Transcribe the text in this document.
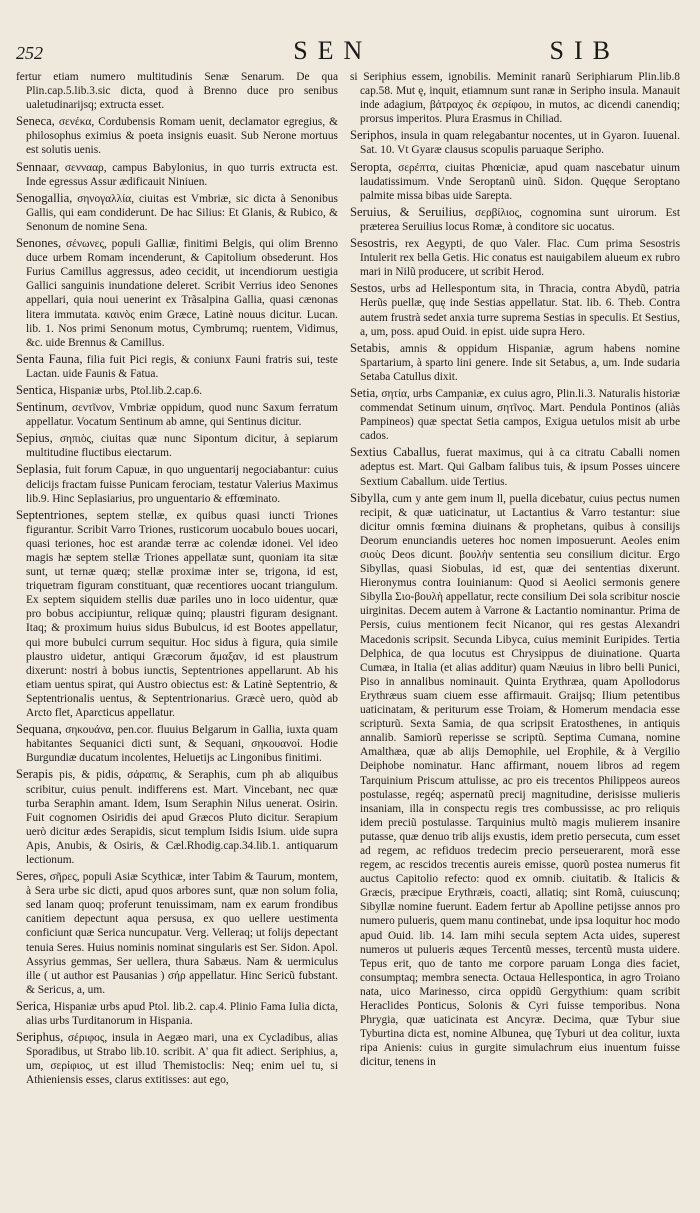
252	SEN	SIB

fertur etiam numero multitudinis Senæ Senarum. De qua Plin.cap.5.lib.3.sic dicta, quod à Brenno duce pro senibus ualetudinarijsq; extructa esset.

Seneca, σενέκα, Cordubensis Romam uenit, declamator egregius, & philosophus eximius & poeta insignis euasit. Sub Nerone mortuus est solutis uenis.

Sennaar, σεννααρ, campus Babylonius, in quo turris extructa est. Inde egressus Assur ædificauit Niniuen.

Senogallia, σηνογαλλία, ciuitas est Vmbriæ, sic dicta à Senonibus Gallis, qui eam condiderunt. De hac Silius: Et Glanis, & Rubico, & Senonum de nomine Sena.

Senones, σένωνες, populi Galliæ, finitimi Belgis, qui olim Brenno duce urbem Romam incenderunt, & Capitolium obsederunt. Hos Furius Camillus aggressus, adeo cecidit, ut incendiorum uestigia Gallici sanguinis inundatione deleret. Scribit Verrius ideo Senones appellari, quia noui uenerint ex Trãsalpina Gallia, quasi cænonas litera immutata. καινὸς enim Græce, Latinè nouus dicitur. Lucan. lib. 1. Nos primi Senonum motus, Cymbrumq; ruentem, Vidimus, &c. uide Brennus & Camillus.

Senta Fauna, filia fuit Pici regis, & coniunx Fauni fratris sui, teste Lactan. uide Faunis & Fatua.

Sentica, Hispaniæ urbs, Ptol.lib.2.cap.6.

Sentinum, σεντῖνον, Vmbriæ oppidum, quod nunc Saxum ferratum appellatur. Vocatum Sentinum ab amne, qui Sentinus dicitur.

Sepius, σηπιὸς, ciuitas quæ nunc Sipontum dicitur, à sepiarum multitudine fluctibus eiectarum.

Seplasia, fuit forum Capuæ, in quo unguentarij negociabantur: cuius delicijs fractam fuisse Punicam ferociam, testatur Valerius Maximus lib.9. Hinc Seplasiarius, pro unguentario & effœminato.

Septentriones, septem stellæ, ex quibus quasi iuncti Triones figurantur. Scribit Varro Triones, rusticorum uocabulo boues uocari, quasi teriones, hoc est arandæ terræ ac colendæ idonei. Vel ideo magis hæ septem stellæ Triones appellatæ sunt, quoniam ita sitæ sunt, ut ternæ quæq; stellæ proximæ inter se, trigona, id est, triquetram figuram constituant, quæ recentiores uocant triangulum. Ex septem siquidem stellis duæ pariles uno in loco uidentur, quæ pro bobus accipiuntur, reliquæ quinq; plaustri figuram designant. Itaq; & proximum huius sidus Bubulcus, id est Bootes appellatur, qui more bubulci currum sequitur. Hoc sidus à figura, quia simile plaustro uidetur, antiqui Græcorum ἄμαξαν, id est plaustrum dixerunt: nostri à bobus iunctis, Septentriones appellarunt. Ab his etiam uentus spirat, qui Austro obiectus est: & Latinè Septentrio, & Septentrionalis uentus, & Septentrionarius. Græcè uero, quòd ab Arcto flet, Aparcticus appellatur.

Sequana, σηκουάνα, pen.cor. fluuius Belgarum in Gallia, iuxta quam habitantes Sequanici dicti sunt, & Sequani, σηκουανοί. Hodie Burgundiæ ducatum incolentes, Heluetijs ac Lingonibus finitimi.

Serapis pis, & pidis, σάραπις, & Seraphis, cum ph ab aliquibus scribitur, cuius penult. indifferens est. Mart. Vincebant, nec quæ turba Seraphin amant. Idem, Isum Seraphin Nilus uenerat. Osirin. Fuit cognomen Osiridis dei apud Græcos Pluto dicitur. Serapium uerò dicitur ædes Serapidis, sicut templum Isidis Isium. uide supra Apis, Anubis, & Osiris, & Cæl.Rhodig.cap.34.lib.1. antiquarum lectionum.

Seres, σῆρες, populi Asiæ Scythicæ, inter Tabim & Taurum, montem, à Sera urbe sic dicti, apud quos arbores sunt, quæ non solum folia, sed lanam quoq; proferunt tenuissimam, nam ex earum frondibus canitiem depectunt aqua persusa, ex quo uellere uestimenta conficiunt quæ Serica nuncupatur. Verg. Velleraq; ut folijs depectant tenuia Seres. Huius nominis nominat singularis est Ser. Sidon. Apol. Assyrius gemmas, Ser uellera, thura Sabæus. Nam & uermiculus ille ( ut author est Pausanias ) σήρ appellatur. Hinc Sericũ fubstant. & Sericus, a, um.

Serica, Hispaniæ urbs apud Ptol. lib.2. cap.4. Plinio Fama Iulia dicta, alias urbs Turditanorum in Hispania.

Seriphus, σέριφος, insula in Aegæo mari, una ex Cycladibus, alias Sporadibus, ut Strabo lib.10. scribit. A' qua fit adiect. Seriphius, a, um, σερίφιος, ut est illud Themistoclis: Neq; enim uel tu, si Athieniensis esses, clarus extitisses: aut ego,

si Seriphius essem, ignobilis. Meminit ranarũ Seriphiarum Plin.lib.8 cap.58. Mut ę, inquit, etiamnum sunt ranæ in Seripho insula. Manauit inde adagium, βάτραχος ἐκ σερίφου, in mutos, ac dicendi canendiq; prorsus imperitos. Plura Erasmus in Chiliad.

Seriphos, insula in quam relegabantur nocentes, ut in Gyaron. Iuuenal. Sat. 10. Vt Gyaræ clausus scopulis paruaque Seripho.

Seropta, σερέπτα, ciuitas Phœniciæ, apud quam nascebatur uinum laudatissimum. Vnde Seroptanũ uinũ. Sidon. Quęque Seroptano palmite missa bibas uide Sarepta.

Seruius, & Seruilius, σερβίλιος, cognomina sunt uirorum. Est præterea Seruilius locus Romæ, à conditore sic uocatus.

Sesostris, rex Aegypti, de quo Valer. Flac. Cum prima Sesostris Intulerit rex bella Getis. Hic conatus est nauigabilem alueum ex rubro mari in Nilũ producere, ut scribit Herod.

Sestos, urbs ad Hellespontum sita, in Thracia, contra Abydũ, patria Herũs puellæ, quę inde Sestias appellatur. Stat. lib. 6. Theb. Contra autem frustrà sedet anxia turre suprema Sestias in speculis. Et Sestius, a, um, poss. apud Ouid. in epist. uide supra Hero.

Setabis, amnis & oppidum Hispaniæ, agrum habens nomine Spartarium, à sparto lini genere. Inde sit Setabus, a, um. Inde sudaria Setaba Catullus dixit.

Setia, σητία, urbs Campaniæ, ex cuius agro, Plin.li.3. Naturalis historiæ commendat Setinum uinum, σητῖνος. Mart. Pendula Pontinos (aliàs Pampineos) quæ spectat Setia campos, Exigua uetulos misit ab urbe cados.

Sextius Caballus, fuerat maximus, qui à ca citratu Caballi nomen adeptus est. Mart. Qui Galbam falibus tuis, & ipsum Posses uincere Sextium Caballum. uide Tertius.

Sibylla, cum y ante gem inum ll, puella dicebatur, cuius pectus numen recipit, & quæ uaticinatur, ut Lactantius & Varro testantur: siue dicitur omnis fœmina diuinans & prophetans, quibus à consilijs Deorum enunciandis ueteres hoc nomen imposuerunt. Aeoles enim σιοὺς Deos dicunt. βουλὴν sententia seu consilium dicitur. Ergo Sibyllas, quasi Siobulas, id est, quæ dei sententias dixerunt. Hieronymus contra Iouinianum: Quod si Aeolici sermonis genere Sibylla Σιο-βουλὴ appellatur, recte consilium Dei sola scribitur noscie uirginitas. Decem autem à Varrone & Lactantio nominantur. Prima de Persis, cuius mentionem fecit Nicanor, qui res gestas Alexandri Macedonis scripsit. Secunda Libyca, cuius meminit Euripides. Tertia Delphica, de qua locutus est Chrysippus de diuinatione. Quarta Cumæa, in Italia (et alias additur) quam Næuius in libro belli Punici, Piso in annalibus nominauit. Quinta Erythræa, quam Apollodorus Erythræus suam ciuem esse affirmauit. Graijsq; Ilium petentibus uaticinatam, & periturum esse Troiam, & Homerum mendacia esse scripturũ. Sexta Samia, de qua scripsit Eratosthenes, in antiquis annalib. Samiorũ reperisse se scriptũ. Septima Cumana, nomine Amalthæa, quæ ab alijs Demophile, uel Erophile, & à Vergilio Deiphobe nominatur. Hanc affirmant, nouem libros ad regem Tarquinium Priscum attulisse, ac pro eis trecentos Philippeos aureos postulasse, regéq; aspernatũ precij magnitudine, derisisse mulieris insaniam, illa in conspectu regis tres combussisse, ac pro reliquis idem preciũ postulasse. Tarquinius multò magis mulierem insanire putasse, quæ denuo trib alijs exustis, idem pretio persecuta, cum esset ad regem, ac refiduos tredecim precio perseuerarent, morã esse regem, ac rescidos trecentis aureis emisse, quorũ postea numerus fit auctus Capitolio refecto: quod ex omnib. ciuitatib. & Italicis & Græcis, præcipue Erythræis, coacti, allatiq; sint Romã, cuiuscunq; Sibyllæ nomine fuerunt. Eadem fertur ab Apolline petijsse annos pro numero pulueris, quem manu continebat, unde ipsa loquitur hoc modo apud Ouid. lib. 14. Iam mihi secula septem Acta uides, superest numeros ut pulueris æques Tercentũ messes, tercentũ musta uidere. Tepus erit, quo de tanto me corpore paruam Longa dies faciet, consumptaq; membra senecta. Octaua Hellespontica, in agro Troiano nata, uico Marinesso, circa oppidũ Gergythium: quam scribit Heraclides Ponticus, Solonis & Cyri fuisse temporibus. Nona Phrygia, quæ uaticinata est Ancyræ. Decima, quæ Tybur siue Tyburtina dicta est, nomine Albunea, quę Tyburi ut dea colitur, iuxta ripa Anienis: cuius in gurgite simulachrum eius inuentum fuisse dicitur, tenens in
